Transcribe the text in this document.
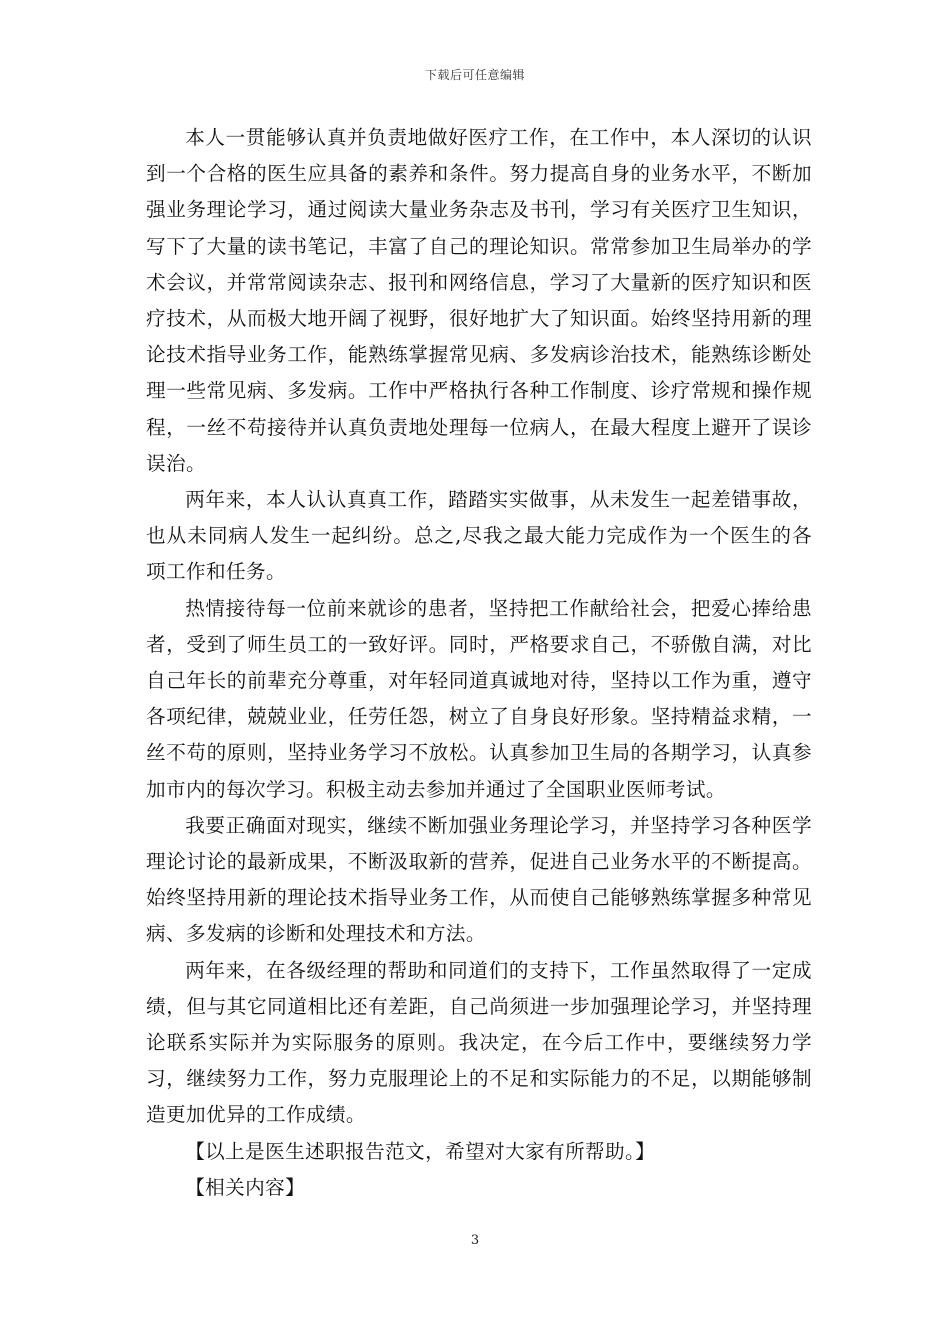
下载后可任意编辑

本人一贯能够认真并负责地做好医疗工作，在工作中，本人深切的认识到一个合格的医生应具备的素养和条件。努力提高自身的业务水平，不断加强业务理论学习，通过阅读大量业务杂志及书刊，学习有关医疗卫生知识，写下了大量的读书笔记，丰富了自己的理论知识。常常参加卫生局举办的学术会议，并常常阅读杂志、报刊和网络信息，学习了大量新的医疗知识和医疗技术，从而极大地开阔了视野，很好地扩大了知识面。始终坚持用新的理论技术指导业务工作，能熟练掌握常见病、多发病诊治技术，能熟练诊断处理一些常见病、多发病。工作中严格执行各种工作制度、诊疗常规和操作规程，一丝不苟接待并认真负责地处理每一位病人，在最大程度上避开了误诊误治。

两年来，本人认认真真工作，踏踏实实做事，从未发生一起差错事故，也从未同病人发生一起纠纷。总之,尽我之最大能力完成作为一个医生的各项工作和任务。

热情接待每一位前来就诊的患者，坚持把工作献给社会，把爱心捧给患者，受到了师生员工的一致好评。同时，严格要求自己，不骄傲自满，对比自己年长的前辈充分尊重，对年轻同道真诚地对待，坚持以工作为重，遵守各项纪律，兢兢业业，任劳任怨，树立了自身良好形象。坚持精益求精，一丝不苟的原则，坚持业务学习不放松。认真参加卫生局的各期学习，认真参加市内的每次学习。积极主动去参加并通过了全国职业医师考试。

我要正确面对现实，继续不断加强业务理论学习，并坚持学习各种医学理论讨论的最新成果，不断汲取新的营养，促进自己业务水平的不断提高。始终坚持用新的理论技术指导业务工作，从而使自己能够熟练掌握多种常见病、多发病的诊断和处理技术和方法。

两年来，在各级经理的帮助和同道们的支持下，工作虽然取得了一定成绩，但与其它同道相比还有差距，自己尚须进一步加强理论学习，并坚持理论联系实际并为实际服务的原则。我决定，在今后工作中，要继续努力学习，继续努力工作，努力克服理论上的不足和实际能力的不足，以期能够制造更加优异的工作成绩。

【以上是医生述职报告范文，希望对大家有所帮助。】

【相关内容】

3
